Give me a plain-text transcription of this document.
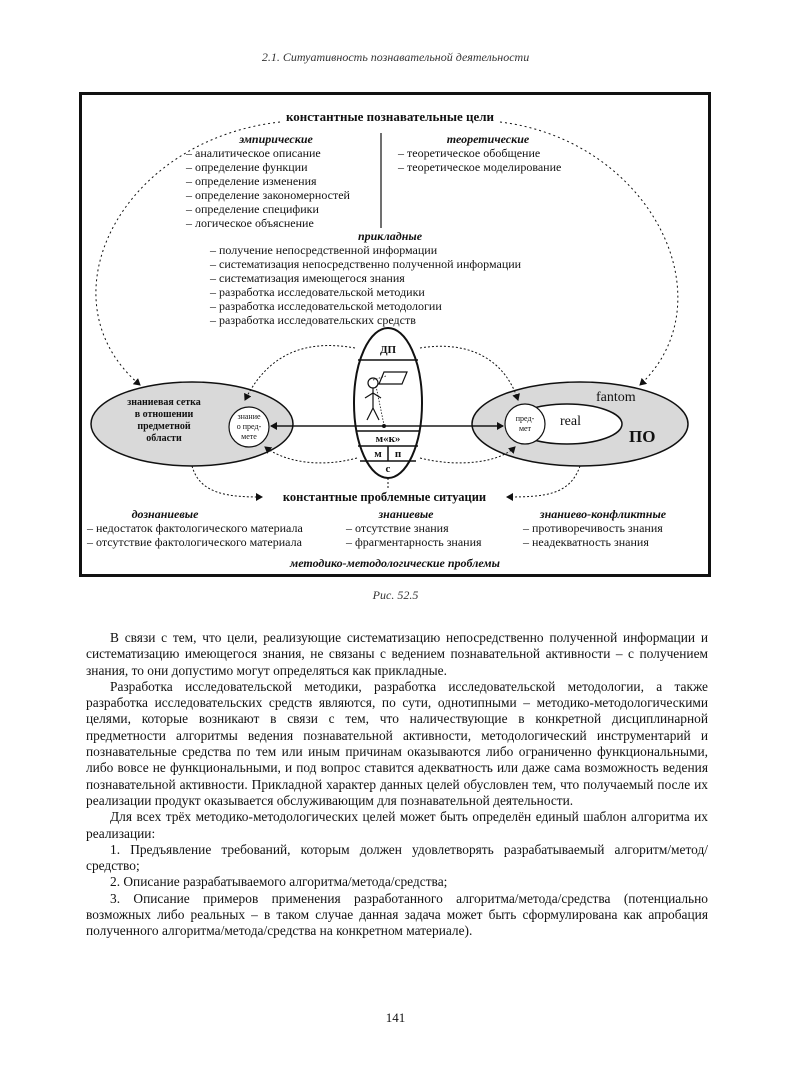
2.1. Ситуативность познавательной деятельности
константные познавательные цели
эмпирические
– аналитическое описание
– определение функции
– определение изменения
– определение закономерностей
– определение специфики
– логическое объяснение
теоретические
– теоретическое обобщение
– теоретическое моделирование
прикладные
– получение непосредственной информации
– систематизация непосредственно полученной информации
– систематизация имеющегося знания
– разработка исследовательской методики
– разработка исследовательской методологии
– разработка исследовательских средств
знаниевая сетка
в отношении
предметной
области
знание
о пред-
мете
ДП
м«к»
м	п
с
fantom
real
ПО
пред-
мет
константные проблемные ситуации
дознаниевые
– недостаток фактологического материала
– отсутствие фактологического материала
знаниевые
– отсутствие знания
– фрагментарность знания
знаниево-конфликтные
– противоречивость знания
– неадекватность знания
методико-методологические проблемы
Рис. 52.5

В связи с тем, что цели, реализующие систематизацию непосредственно полученной информации и систематизацию имеющегося знания, не связаны с ведением познавательной активности – с получением знания, то они допустимо могут определяться как прикладные.

Разработка исследовательской методики, разработка исследовательской методологии, а также разработка исследовательских средств являются, по сути, однотипными – методико-методологическими целями, которые возникают в связи с тем, что наличествующие в конкретной дисциплинарной предметности алгоритмы ведения познавательной активности, методологический инструментарий и познавательные средства по тем или иным причинам оказываются либо ограниченно функциональными, либо вовсе не функциональными, и под вопрос ставится адекватность или даже сама возможность ведения познавательной активности. Прикладной характер данных целей обусловлен тем, что получаемый после их реализации продукт оказывается обслуживающим для познавательной деятельности.

Для всех трёх методико-методологических целей может быть определён единый шаблон алгоритма их реализации:

1. Предъявление требований, которым должен удовлетворять разрабатываемый алгоритм/метод/средство;

2. Описание разрабатываемого алгоритма/метода/средства;

3. Описание примеров применения разработанного алгоритма/метода/средства (потенциально возможных либо реальных – в таком случае данная задача может быть сформулирована как апробация полученного алгоритма/метода/средства на конкретном материале).

141
